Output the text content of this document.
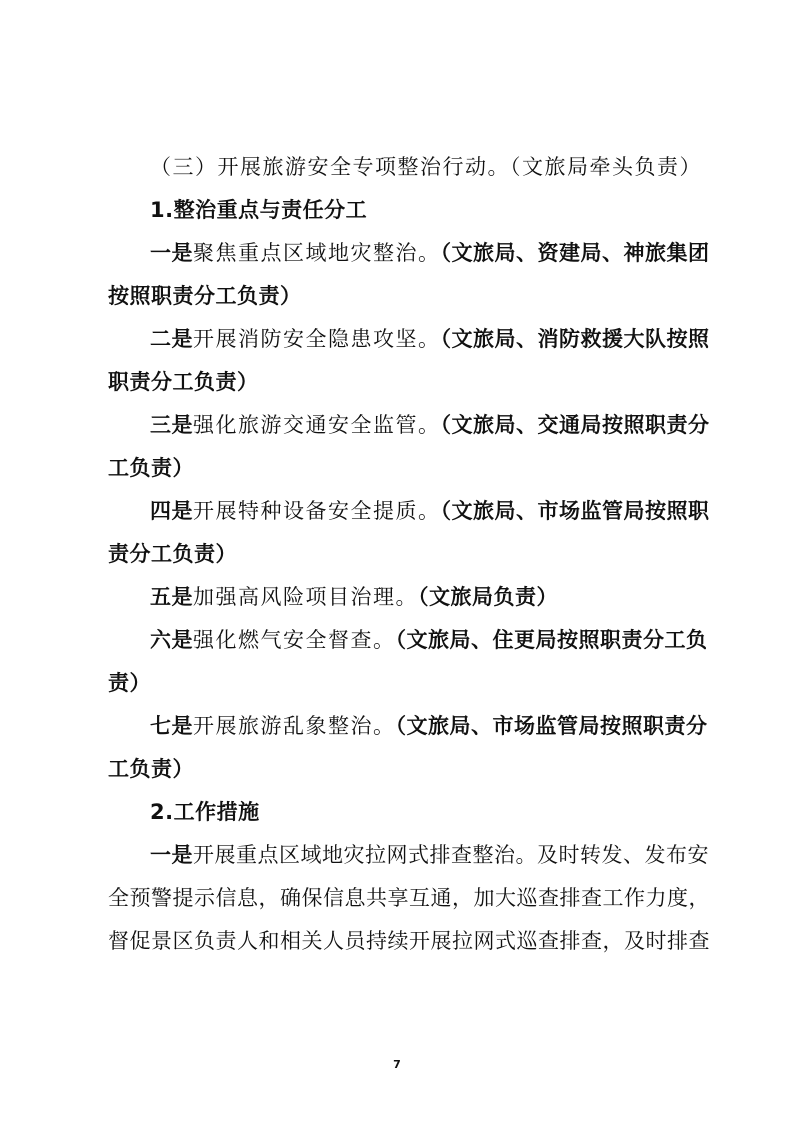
（三）开展旅游安全专项整治行动。（文旅局牵头负责）
1.整治重点与责任分工
一是聚焦重点区域地灾整治。（文旅局、资建局、神旅集团
按照职责分工负责）
二是开展消防安全隐患攻坚。（文旅局、消防救援大队按照
职责分工负责）
三是强化旅游交通安全监管。（文旅局、交通局按照职责分
工负责）
四是开展特种设备安全提质。（文旅局、市场监管局按照职
责分工负责）
五是加强高风险项目治理。（文旅局负责）
六是强化燃气安全督查。（文旅局、住更局按照职责分工负
责）
七是开展旅游乱象整治。（文旅局、市场监管局按照职责分
工负责）
2.工作措施
一是开展重点区域地灾拉网式排查整治。及时转发、发布安
全预警提示信息，确保信息共享互通，加大巡查排查工作力度，
督促景区负责人和相关人员持续开展拉网式巡查排查，及时排查
7
